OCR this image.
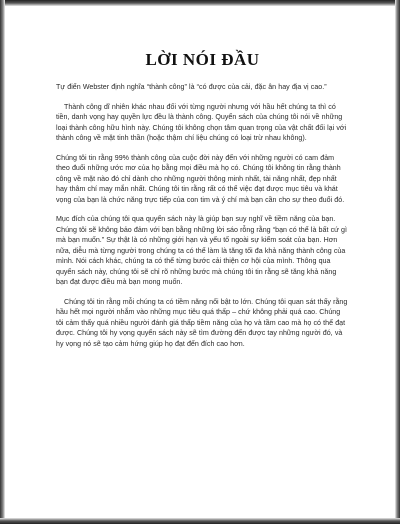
LỜI NÓI ĐẦU

Tự điển Webster định nghĩa “thành công” là “có được của cải, đặc ân hay địa vị cao.”

Thành công dĩ nhiên khác nhau đối với từng người nhưng với hầu hết chúng ta thì có tiền, danh vọng hay quyền lực đều là thành công. Quyển sách của chúng tôi nói về những loại thành công hữu hình này. Chúng tôi không chọn tâm quan trọng của vật chất đối lại với thành công về mặt tinh thần (hoặc thậm chí liệu chúng có loại trừ nhau không).

Chúng tôi tin rằng 99% thành công của cuộc đời này đến với những người có cam đảm theo đuổi những ước mơ của họ bằng mọi điều mà họ có. Chúng tôi không tin rằng thành công về mặt nào đó chỉ dành cho những người thông minh nhất, tài năng nhất, đẹp nhất hay thâm chí may mắn nhất. Chúng tôi tin rằng rất có thể việc đạt được mục tiêu và khát vọng của bạn là chức năng trực tiếp của con tim và ý chí mà bạn cần cho sự theo đuổi đó.

Mục đích của chúng tôi qua quyển sách này là giúp bạn suy nghĩ về tiềm năng của bạn. Chúng tôi sẽ không bảo đảm với bạn bằng những lời sáo rỗng rằng “bạn có thể là bất cứ gì mà bạn muốn.” Sự thật là có những giới hạn và yếu tố ngoài sự kiểm soát của bạn. Hơn nữa, diễu mà từng người trong chúng ta có thể làm là tăng tối đa khả năng thành công của mình. Nói cách khác, chúng ta có thể từng bước cải thiện cơ hội của mình. Thông qua quyển sách này, chúng tôi sẽ chỉ rõ những bước mà chúng tôi tin rằng sẽ tăng khả năng bạn đạt được điều mà bạn mong muốn.

Chúng tôi tin rằng mỗi chúng ta có tiềm năng nổi bật to lớn. Chúng tôi quan sát thấy rằng hầu hết mọi người nhắm vào những mục tiêu quá thấp – chứ không phải quá cao. Chúng tôi cảm thấy quá nhiều người đánh giá thấp tiềm năng của họ và tầm cao mà họ có thể đạt được. Chúng tôi hy vọng quyển sách này sẽ tìm đường đến được tay những người đó, và hy vọng nó sẽ tạo cảm hứng giúp họ đạt đến đích cao hơn.
